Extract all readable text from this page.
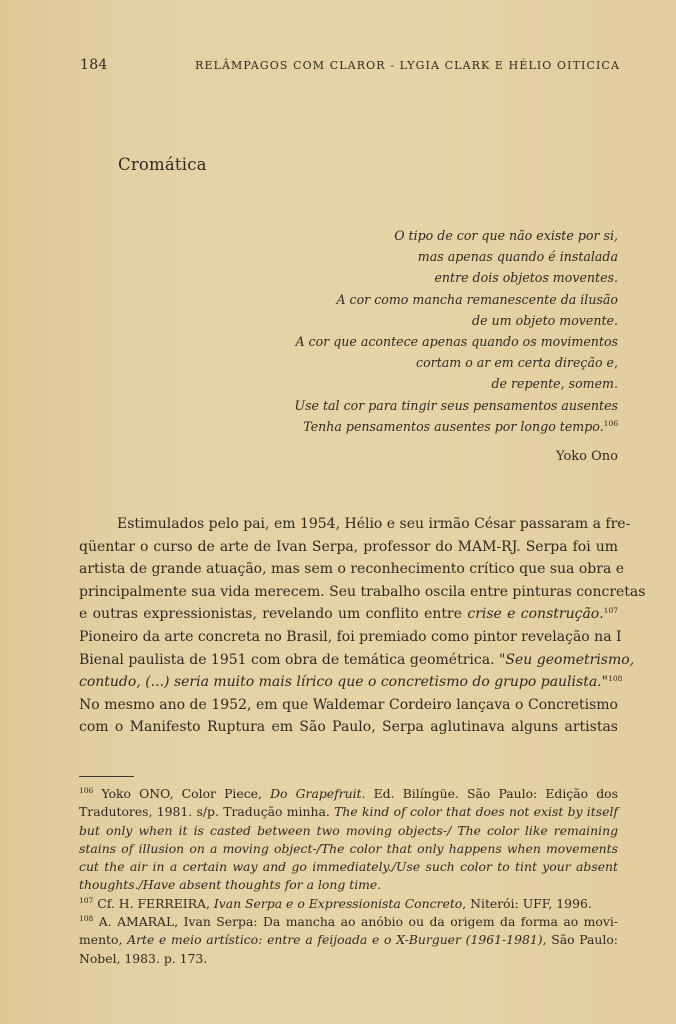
184	RELÂMPAGOS COM CLAROR - LYGIA CLARK E HÉLIO OITICICA
Cromática
O tipo de cor que não existe por si,
mas apenas quando é instalada
entre dois objetos moventes.
A cor como mancha remanescente da ilusão
de um objeto movente.
A cor que acontece apenas quando os movimentos
cortam o ar em certa direção e,
de repente, somem.
Use tal cor para tingir seus pensamentos ausentes
Tenha pensamentos ausentes por longo tempo.$^{106}$
Yoko Ono
Estimulados pelo pai, em 1954, Hélio e seu irmão César passaram a fre-
qüentar o curso de arte de Ivan Serpa, professor do MAM-RJ. Serpa foi um
artista de grande atuação, mas sem o reconhecimento crítico que sua obra e
principalmente sua vida merecem. Seu trabalho oscila entre pinturas concretas
e outras expressionistas, revelando um conflito entre crise e construção.$^{107}$
Pioneiro da arte concreta no Brasil, foi premiado como pintor revelação na I
Bienal paulista de 1951 com obra de temática geométrica. "Seu geometrismo,
contudo, (...) seria muito mais lírico que o concretismo do grupo paulista."$^{108}$
No mesmo ano de 1952, em que Waldemar Cordeiro lançava o Concretismo
com o Manifesto Ruptura em São Paulo, Serpa aglutinava alguns artistas
$^{106}$ Yoko ONO, Color Piece, Do Grapefruit. Ed. Bilíngüe. São Paulo: Edição dos
Tradutores, 1981. s/p. Tradução minha. The kind of color that does not exist by itself
but only when it is casted between two moving objects-/ The color like remaining
stains of illusion on a moving object-/The color that only happens when movements
cut the air in a certain way and go immediately./Use such color to tint your absent
thoughts./Have absent thoughts for a long time.
$^{107}$ Cf. H. FERREIRA, Ivan Serpa e o Expressionista Concreto, Niterói: UFF, 1996.
$^{108}$ A. AMARAL, Ivan Serpa: Da mancha ao anóbio ou da origem da forma ao movi-
mento, Arte e meio artístico: entre a feijoada e o X-Burguer (1961-1981), São Paulo:
Nobel, 1983. p. 173.
